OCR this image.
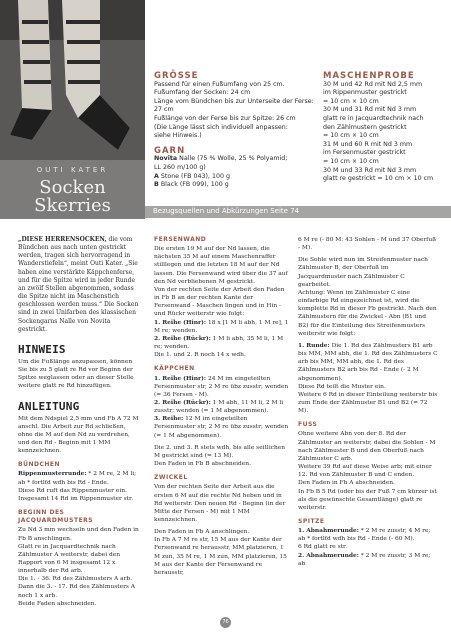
OUTI KATER
Socken
Skerries
GRÖSSE

Passend für einen Fußumfang von 25 cm.

Fußumfang der Socken: 24 cm

Länge vom Bündchen bis zur Unterseite der Ferse: 27 cm

Fußlänge von der Ferse bis zur Spitze: 26 cm

(Die Länge lässt sich individuell anpassen:

siehe Hinweis.)

GARN

Novita Nalle (75 % Wolle, 25 % Polyamid;

LL 260 m/100 g)

A Stone (FB 043), 100 g

B Black (FB 099), 100 g

MASCHENPROBE

30 M und 42 Rd mit Nd 2,5 mm

im Rippenmuster gestrickt

= 10 cm × 10 cm

30 M und 31 Rd mit Nd 3 mm

glatt re in Jacquardtechnik nach

den Zählmustern gestrickt

= 10 cm × 10 cm

31 M und 60 R mit Nd 3 mm

im Fersenmuster gestrickt

= 10 cm × 10 cm

30 M und 33 Rd mit Nd 3 mm

glatt re gestrickt = 10 cm × 10 cm

Bezugsquellen und Abkürzungen Seite 74

„DIESE HERRENSOCKEN, die vom Bündchen aus nach unten gestrickt werden, tragen sich hervorragend in Wanderstiefeln“, meint Outi Kater. „Sie haben eine verstärkte Käppchenferse, und für die Spitze wird in jeder Runde an zwölf Stellen abgenommen, sodass die Spitze nicht im Maschenstich geschlossen werden muss.“ Die Socken sind in zwei Unifarben des klassischen Sockengarns Nalle von Novita gestrickt.

HINWEIS

Um die Fußlänge anzupassen, können Sie bis zu 5 glatt re Rd vor Beginn der Spitze weglassen oder an dieser Stelle weitere glatt re Rd hinzufügen.

ANLEITUNG

Mit dem Ndspiel 2,5 mm und Fb A 72 M anschl. Die Arbeit zur Rd schließen, ohne die M auf den Nd zu verdrehen, und den Rd - Beginn mit 1 MM kennzeichnen.

BÜNDCHEN

Rippenmusterrunde: * 2 M re, 2 M li; ab * fortlfd wdh bis Rd - Ende.

Diese Rd ruft das Rippenmuster ein.

Insgesamt 14 Rd im Rippenmuster str.

BEGINN DES JACQUARDMUSTERS

Zu Nd 3 mm wechseln und den Faden in Fb B anschlingen.

Glatt re in Jacquardtechnik nach Zählmuster A weiterstr, dabei den Rapport von 6 M insgesamt 12 x innerhalb der Rd arb.

Die 1. - 36. Rd des Zählmusters A arb.

Dann die 3. - 17. Rd des Zählmusters A noch 1 x arb.

Beide Faden abschneiden.

FERSENWAND

Die ersten 19 M auf der Nd lassen, die nächsten 35 M auf einem Maschenraffer stilllegen und die letzten 18 M auf der Nd lassen. Die Fersenwand wird über die 37 auf den Nd verbliebenen M gestrickt.

Von der rechten Seite der Arbeit den Faden in Fb B an der rechten Kante der Fersenwand - Maschen lingen und in Hin - und Rückr weiterstr wie folgt:

1. Reihe (Hinr): 18 x [1 M li abh, 1 M re], 1 M re; wenden.

2. Reihe (Rückr): 1 M li abh, 35 M li, 1 M re; wenden.

Die 1. und 2. R noch 14 x wdh.

KÄPPCHEN

1. Reihe (Hinr): 24 M im eingeteilten Fersenmuster str, 2 M re übz zusstr; wenden (= 36 Fersen - M).

2. Reihe (Rückr): 1 M abh, 11 M li, 2 M li zusstr; wenden (= 1 M abgenommen).

3. Reihe: 12 M im eingeteilten Fersenmuster str, 2 M re übz zusstr; wenden (= 1 M abgenommen).

Die 2. und 3. R stets wdh, bis alle seitlichen M gestrickt sind (= 13 M).

Den Faden in Fb B abschneiden.

ZWICKEL

Von der rechten Seite der Arbeit aus die ersten 6 M auf die rechte Nd heben und in Rd weiterstr. Den neuen Rd - Beginn (in der Mitte der Fersen - M) mit 1 MM kennzeichnen.

Den Faden in Fb A anschlingen.

In Fb A 7 M re str, 15 M aus der Kante der Fersenwand re herausstr, MM platzieren, 1 M zun, 35 M re, 1 M zun, MM platzieren, 15 M aus der Kante der Fersenwand re herausstr,

6 M re (- 80 M: 43 Sohlen - M und 37 Oberfuß - M).

Die Sohle wird nun im Streifenmuster nach Zählmuster B, der Oberfuß im Jacquardmuster nach Zählmuster C gearbeitet.

Achtung: Wenn im Zählmuster C eine einfarbige Rd eingezeichnet ist, wird die komplette Rd in dieser Fb gestrickt. Nach den Zählmustern für die Zwickel - Abn (B1 und B2) für die Einteilung des Streifenmusters weiterstr wie folgt:

1. Runde: Die 1. Rd des Zählmusters B1 arb bis MM, MM abh, die 1. Rd des Zählmusters C arb bis MM, MM abh, die 1. Rd des Zählmusters B2 arb bis Rd - Ende (- 2 M abgenommen).

Diese Rd teilt die Muster ein.

Weitere 6 Rd in dieser Einteilung weiterstr bis zum Ende der Zählmuster B1 und B2 (= 72 M).

FUSS

Ohne weitere Abn von der 8. Rd der Zählmuster an weiterstr, dabei die Sohlen - M nach Zählmuster B und den Oberfuß nach Zählmuster C arb.

Weitere 39 Rd auf diese Weise arb; mit einer 12. Rd von Zählmuster B und C enden.

Den Faden in Fb A abschneiden.

In Fb B 5 Rd (oder bis der Fuß 7 cm kürzer ist als die gewünschte Gesamtlänge) glatt re weiterstr.

SPITZE

1. Abnahmerunde: * 2 M re zusstr, 4 M re; ab * fortlfd wdh bis Rd - Ende (- 60 M).

6 Rd glatt re str.

2. Abnahmerunde: * 2 M re zusstr, 3 M re; ab

76
